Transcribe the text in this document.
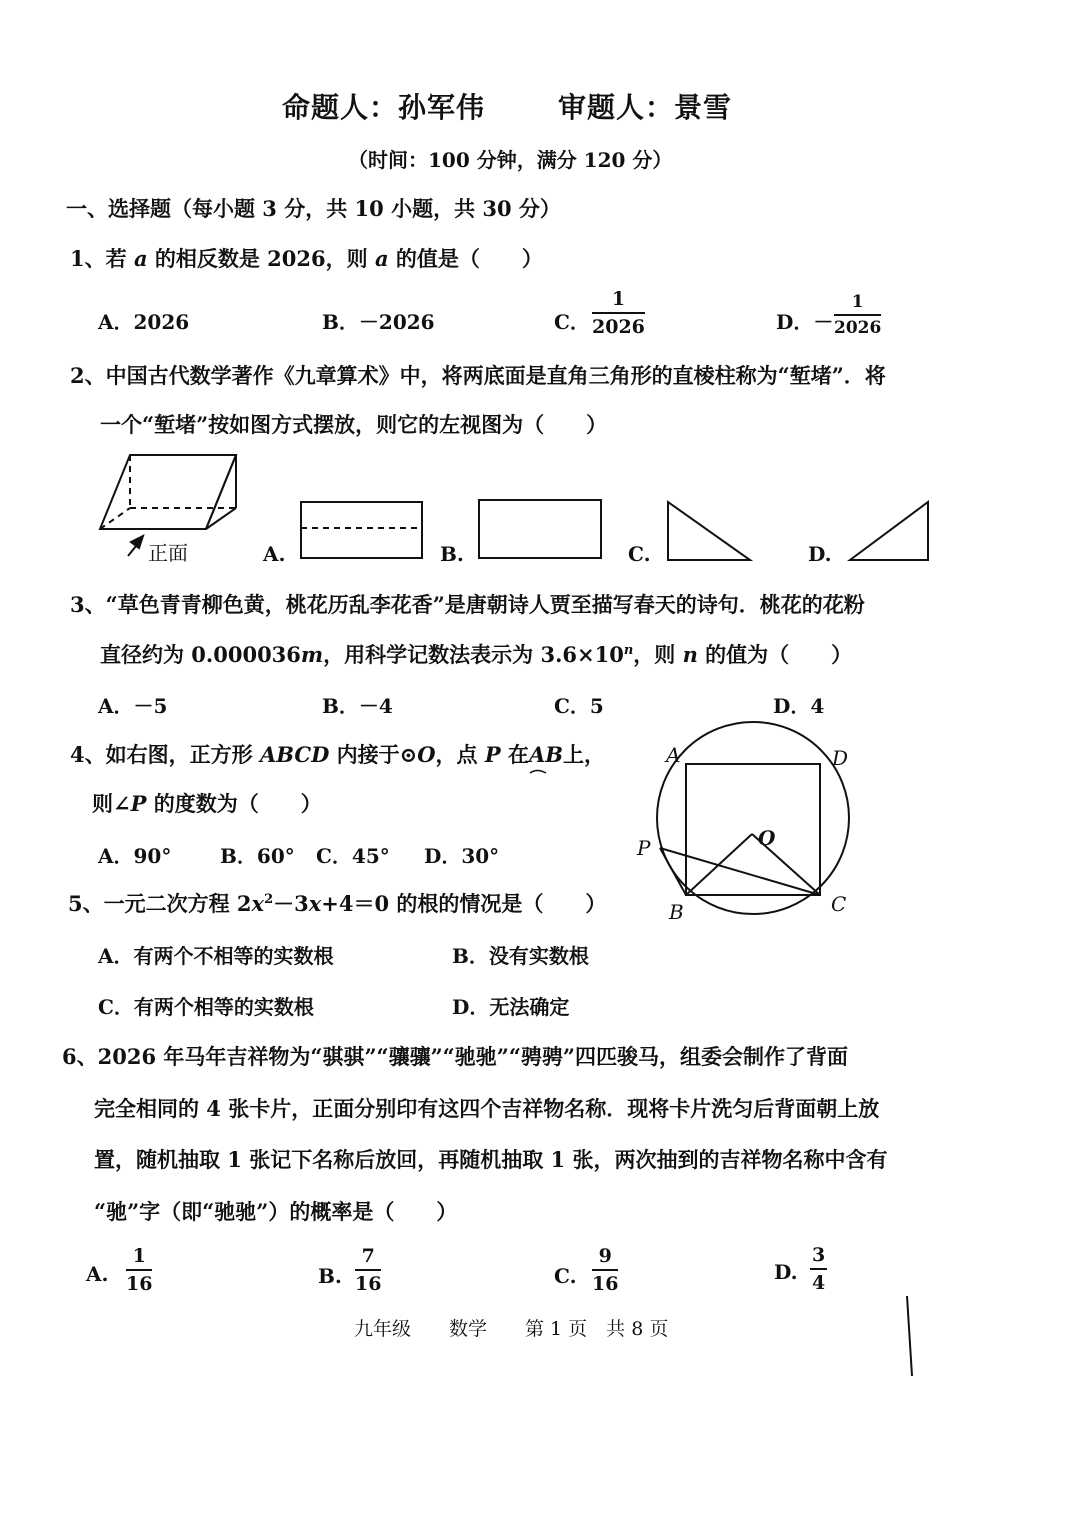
命题人：孙军伟	审题人：景雪
（时间：100 分钟，满分 120 分）
一、选择题（每小题 3 分，共 10 小题，共 30 分）
1、若 a 的相反数是 2026，则 a 的值是（　　）
A．2026	B．－2026	C． $\frac{1}{2026}$	D．－ $\frac{1}{2026}$
2、中国古代数学著作《九章算术》中，将两底面是直角三角形的直棱柱称为“堑堵”．将
一个“堑堵”按如图方式摆放，则它的左视图为（　　）
正面	A.	B.	C.	D.
3、“草色青青柳色黄，桃花历乱李花香”是唐朝诗人贾至描写春天的诗句．桃花的花粉
直径约为 0.000036m，用科学记数法表示为 $3.6\times 10^n$，则 n 的值为（　　）
A．－5	B．－4	C．5	D．4
4、如右图，正方形 ABCD 内接于⊙O，点 P 在AB上，
则∠P 的度数为（　　）
A．90° B．60° C．45° D．30°
A	D
P	O
B	C
5、一元二次方程 $2x^2-3x+4=0$ 的根的情况是（　　）
A．有两个不相等的实数根	B．没有实数根
C．有两个相等的实数根	D．无法确定
6、2026 年马年吉祥物为“骐骐”“骧骧”“驰驰”“骋骋”四匹骏马，组委会制作了背面
完全相同的 4 张卡片，正面分别印有这四个吉祥物名称．现将卡片洗匀后背面朝上放
置，随机抽取 1 张记下名称后放回，再随机抽取 1 张，两次抽到的吉祥物名称中含有
“驰”字（即“驰驰”）的概率是（　　）
A. $\frac{1}{16}$	B. $\frac{7}{16}$	C. $\frac{9}{16}$	D. $\frac{3}{4}$
九年级　　数学　　第 1 页　共 8 页
